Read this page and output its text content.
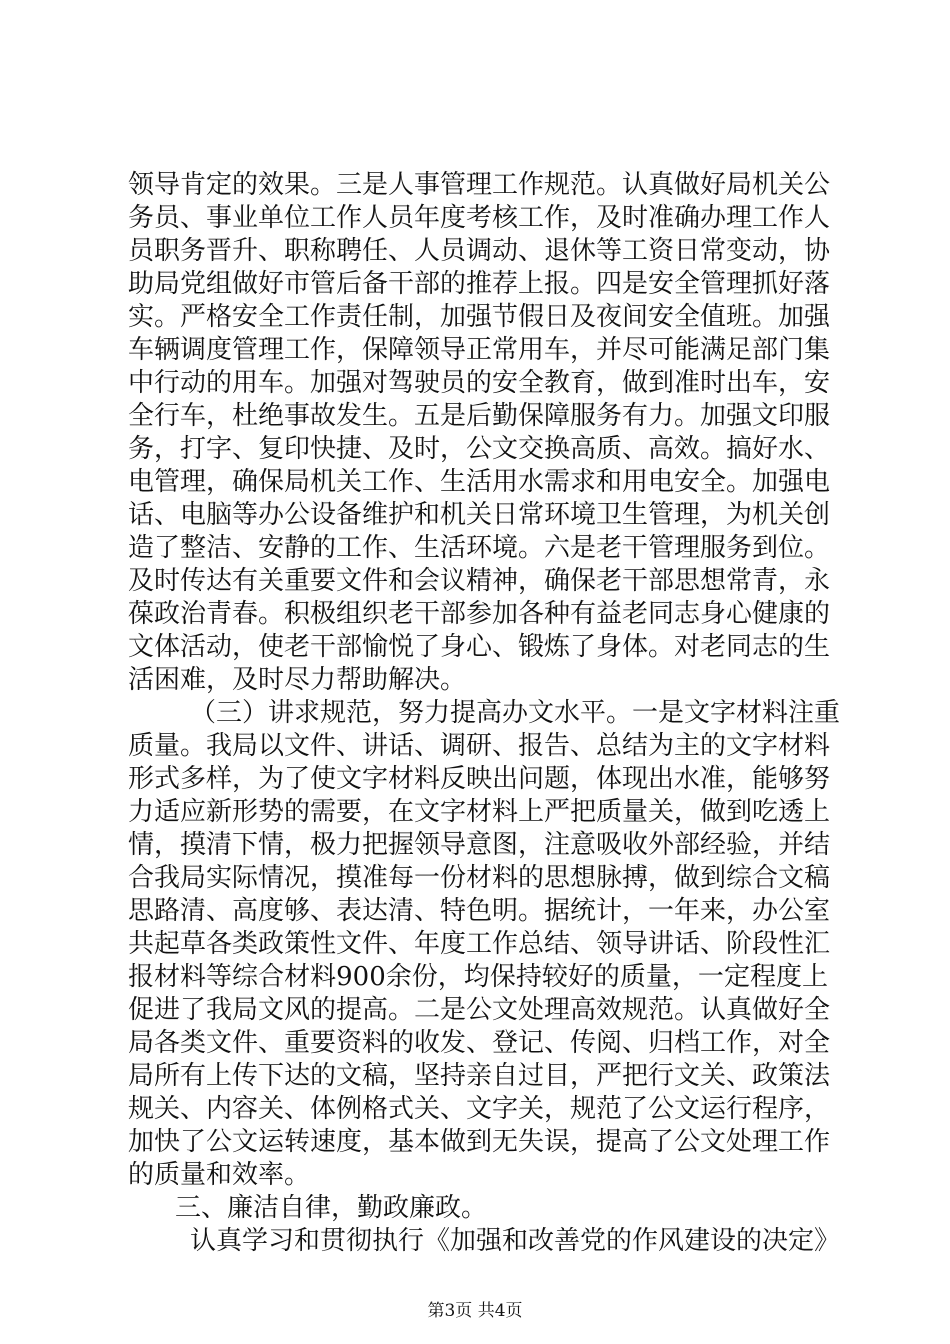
领导肯定的效果。三是人事管理工作规范。认真做好局机关公
务员、事业单位工作人员年度考核工作，及时准确办理工作人
员职务晋升、职称聘任、人员调动、退休等工资日常变动，协
助局党组做好市管后备干部的推荐上报。四是安全管理抓好落
实。严格安全工作责任制，加强节假日及夜间安全值班。加强
车辆调度管理工作，保障领导正常用车，并尽可能满足部门集
中行动的用车。加强对驾驶员的安全教育，做到准时出车，安
全行车，杜绝事故发生。五是后勤保障服务有力。加强文印服
务，打字、复印快捷、及时，公文交换高质、高效。搞好水、
电管理，确保局机关工作、生活用水需求和用电安全。加强电
话、电脑等办公设备维护和机关日常环境卫生管理，为机关创
造了整洁、安静的工作、生活环境。六是老干管理服务到位。
及时传达有关重要文件和会议精神，确保老干部思想常青，永
葆政治青春。积极组织老干部参加各种有益老同志身心健康的
文体活动，使老干部愉悦了身心、锻炼了身体。对老同志的生
活困难，及时尽力帮助解决。
（三）讲求规范，努力提高办文水平。一是文字材料注重
质量。我局以文件、讲话、调研、报告、总结为主的文字材料
形式多样，为了使文字材料反映出问题，体现出水准，能够努
力适应新形势的需要，在文字材料上严把质量关，做到吃透上
情，摸清下情，极力把握领导意图，注意吸收外部经验，并结
合我局实际情况，摸准每一份材料的思想脉搏，做到综合文稿
思路清、高度够、表达清、特色明。据统计，一年来，办公室
共起草各类政策性文件、年度工作总结、领导讲话、阶段性汇
报材料等综合材料900余份，均保持较好的质量，一定程度上
促进了我局文风的提高。二是公文处理高效规范。认真做好全
局各类文件、重要资料的收发、登记、传阅、归档工作，对全
局所有上传下达的文稿，坚持亲自过目，严把行文关、政策法
规关、内容关、体例格式关、文字关，规范了公文运行程序，
加快了公文运转速度，基本做到无失误，提高了公文处理工作
的质量和效率。
三、廉洁自律，勤政廉政。
认真学习和贯彻执行《加强和改善党的作风建设的决定》
第3页 共4页
